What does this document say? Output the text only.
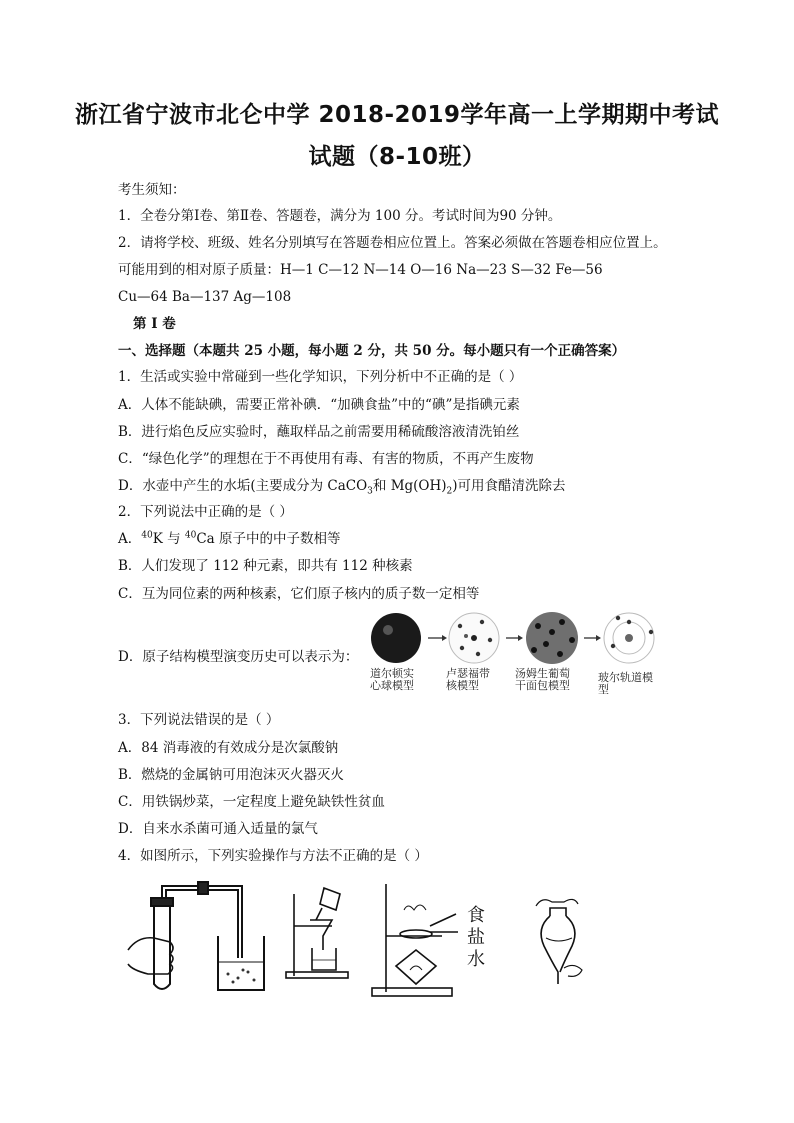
浙江省宁波市北仑中学 2018-2019学年高一上学期期中考试
试题（8-10班）
考生须知：
1．全卷分第Ⅰ卷、第Ⅱ卷、答题卷，满分为 100 分。考试时间为90 分钟。
2．请将学校、班级、姓名分别填写在答题卷相应位置上。答案必须做在答题卷相应位置上。
可能用到的相对原子质量：H—1 C—12 N—14 O—16 Na—23 S—32 Fe—56
Cu—64 Ba—137 Ag—108
第 Ⅰ 卷
一、选择题（本题共 25 小题，每小题 2 分，共 50 分。每小题只有一个正确答案）
1．生活或实验中常碰到一些化学知识，下列分析中不正确的是（ ）
A．人体不能缺碘，需要正常补碘．“加碘食盐”中的“碘”是指碘元素
B．进行焰色反应实验时，蘸取样品之前需要用稀硫酸溶液清洗铂丝
C．“绿色化学”的理想在于不再使用有毒、有害的物质，不再产生废物
D．水壶中产生的水垢(主要成分为 CaCO$_3$和 $Mg(OH)_2$)可用食醋清洗除去
2．下列说法中正确的是（ ）
A．$^{40}$K 与 $^{40}$Ca 原子中的中子数相等
B．人们发现了 112 种元素，即共有 112 种核素
C．互为同位素的两种核素，它们原子核内的质子数一定相等
D．原子结构模型演变历史可以表示为：
道尔顿实
心球模型
卢瑟福带
核模型
汤姆生葡萄
干面包模型
玻尔轨道模
型
3．下列说法错误的是（ ）
A．84 消毒液的有效成分是次氯酸钠
B．燃烧的金属钠可用泡沫灭火器灭火
C．用铁锅炒菜，一定程度上避免缺铁性贫血
D．自来水杀菌可通入适量的氯气
4．如图所示，下列实验操作与方法不正确的是（ ）
食
盐
水
